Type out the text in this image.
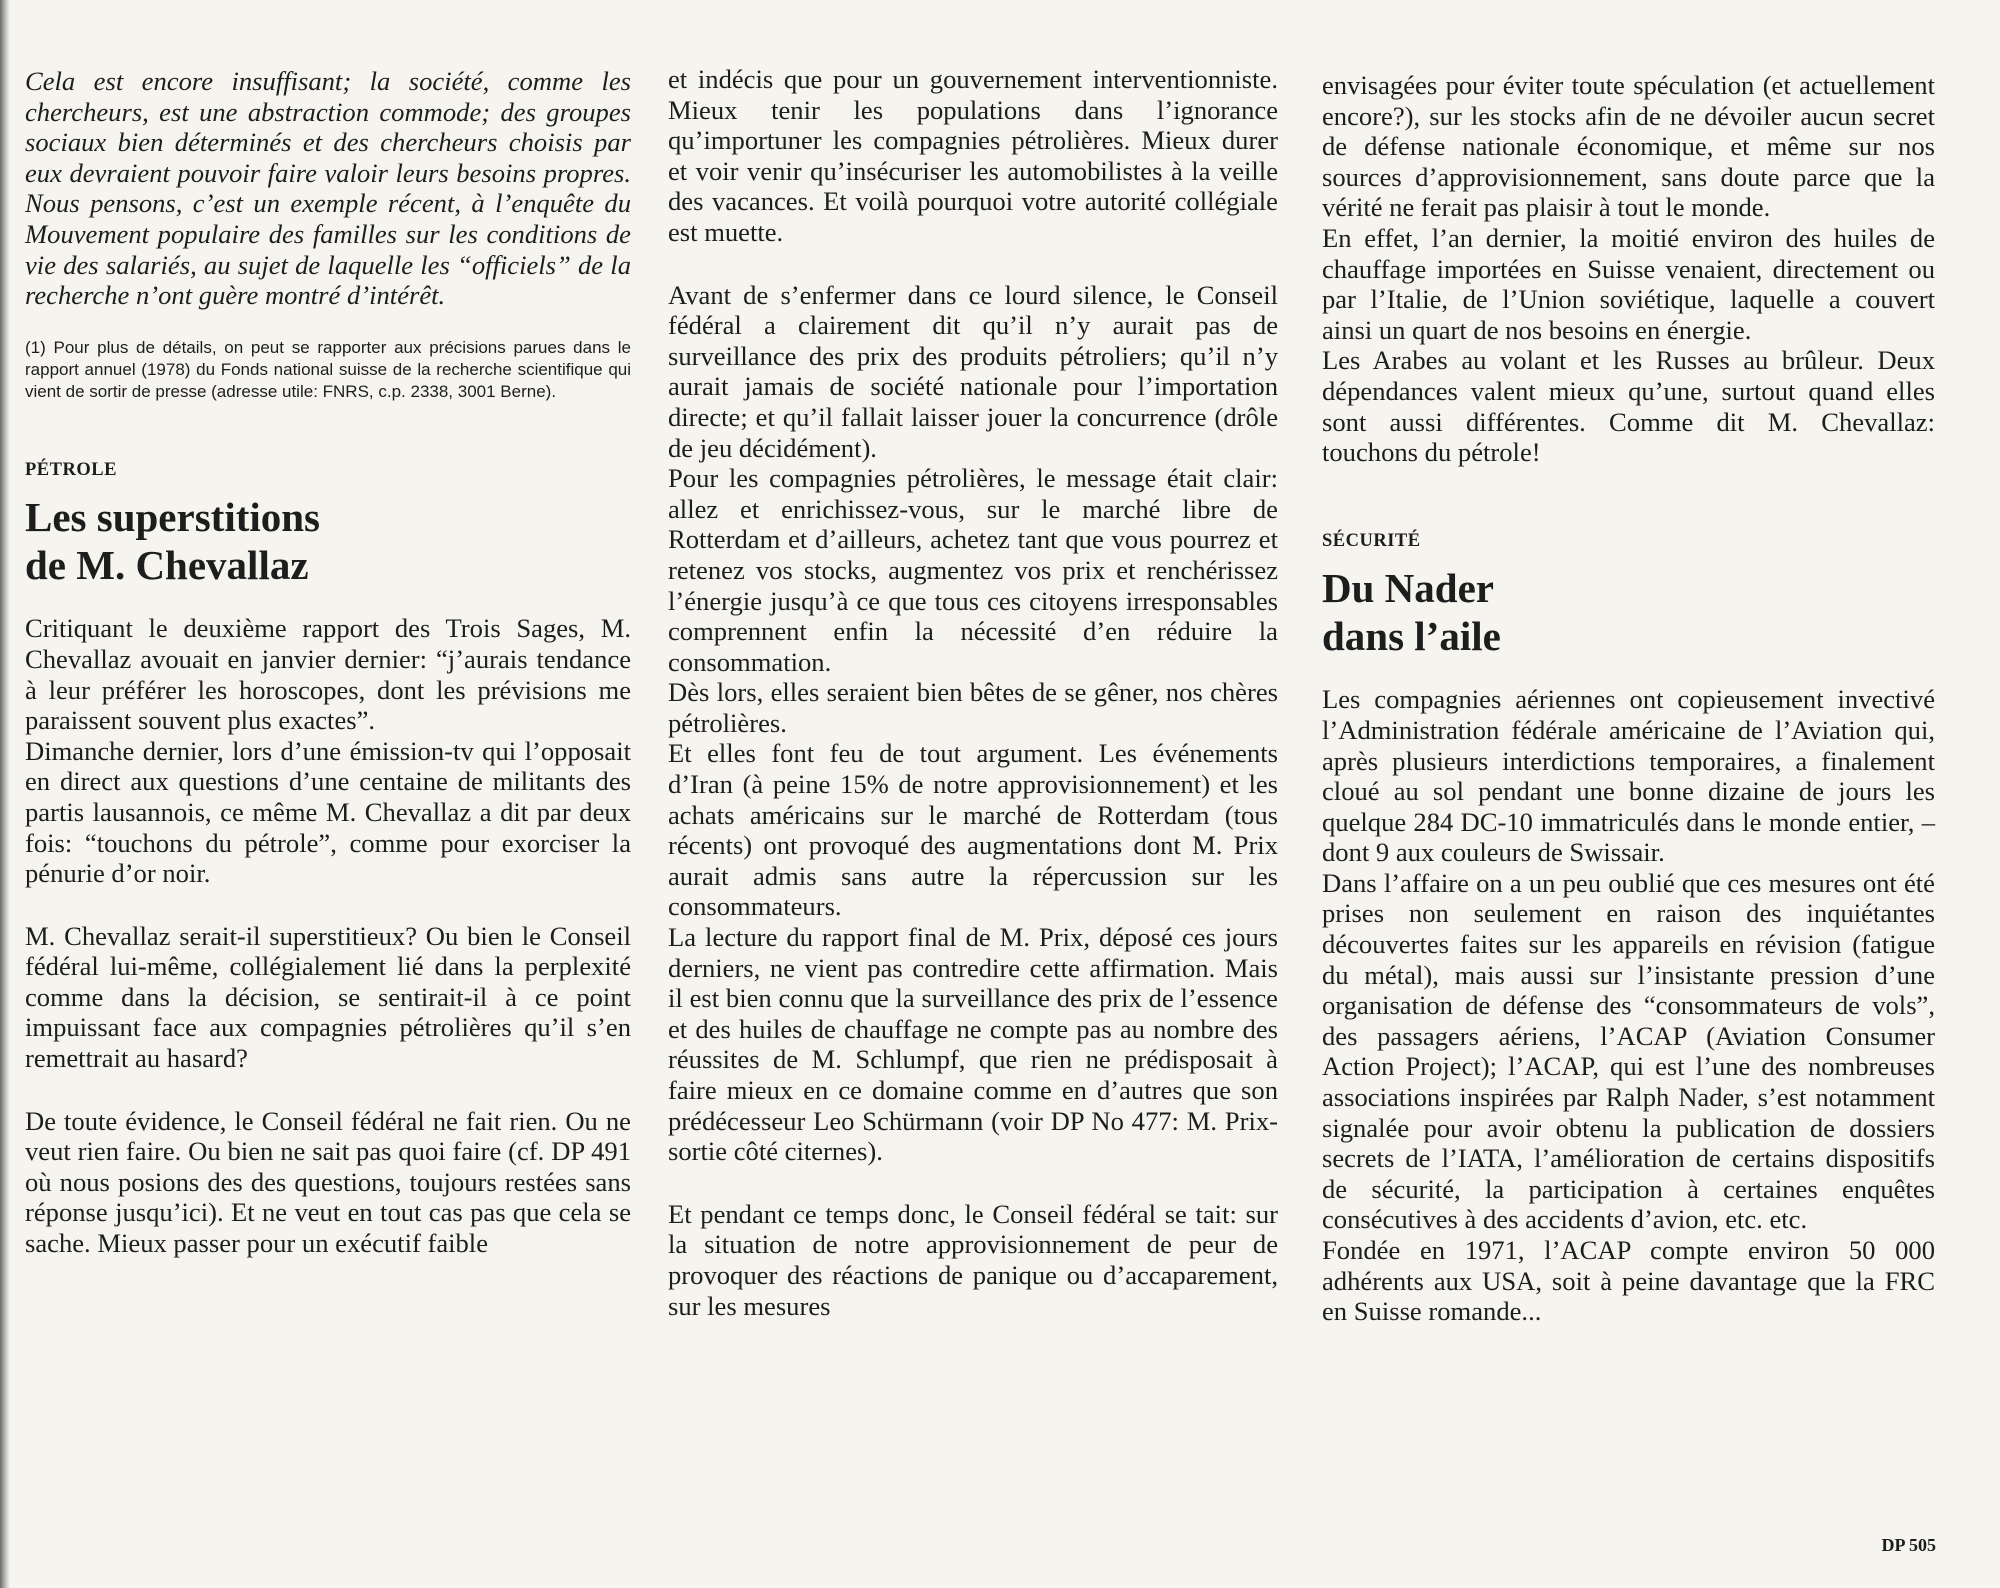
Cela est encore insuffisant; la société, comme les chercheurs, est une abstraction commode; des groupes sociaux bien déterminés et des chercheurs choisis par eux devraient pouvoir faire valoir leurs besoins propres. Nous pensons, c’est un exemple récent, à l’enquête du Mouvement populaire des familles sur les conditions de vie des salariés, au sujet de laquelle les “officiels” de la recherche n’ont guère montré d’intérêt.

(1) Pour plus de détails, on peut se rapporter aux précisions parues dans le rapport annuel (1978) du Fonds national suisse de la recherche scientifique qui vient de sortir de presse (adresse utile: FNRS, c.p. 2338, 3001 Berne).

PÉTROLE

Les superstitions
de M. Chevallaz

Critiquant le deuxième rapport des Trois Sages, M. Chevallaz avouait en janvier dernier: “j’aurais tendance à leur préférer les horoscopes, dont les prévisions me paraissent souvent plus exactes”.

Dimanche dernier, lors d’une émission-tv qui l’opposait en direct aux questions d’une centaine de militants des partis lausannois, ce même M. Chevallaz a dit par deux fois: “touchons du pétrole”, comme pour exorciser la pénurie d’or noir.

M. Chevallaz serait-il superstitieux? Ou bien le Conseil fédéral lui-même, collégialement lié dans la perplexité comme dans la décision, se sentirait-il à ce point impuissant face aux compagnies pétrolières qu’il s’en remettrait au hasard?

De toute évidence, le Conseil fédéral ne fait rien. Ou ne veut rien faire. Ou bien ne sait pas quoi faire (cf. DP 491 où nous posions des des questions, toujours restées sans réponse jusqu’ici). Et ne veut en tout cas pas que cela se sache. Mieux passer pour un exécutif faible

et indécis que pour un gouvernement interventionniste. Mieux tenir les populations dans l’ignorance qu’importuner les compagnies pétrolières. Mieux durer et voir venir qu’insécuriser les automobilistes à la veille des vacances. Et voilà pourquoi votre autorité collégiale est muette.

Avant de s’enfermer dans ce lourd silence, le Conseil fédéral a clairement dit qu’il n’y aurait pas de surveillance des prix des produits pétroliers; qu’il n’y aurait jamais de société nationale pour l’importation directe; et qu’il fallait laisser jouer la concurrence (drôle de jeu décidément).

Pour les compagnies pétrolières, le message était clair: allez et enrichissez-vous, sur le marché libre de Rotterdam et d’ailleurs, achetez tant que vous pourrez et retenez vos stocks, augmentez vos prix et renchérissez l’énergie jusqu’à ce que tous ces citoyens irresponsables comprennent enfin la nécessité d’en réduire la consommation.

Dès lors, elles seraient bien bêtes de se gêner, nos chères pétrolières.

Et elles font feu de tout argument. Les événements d’Iran (à peine 15% de notre approvisionnement) et les achats américains sur le marché de Rotterdam (tous récents) ont provoqué des augmentations dont M. Prix aurait admis sans autre la répercussion sur les consommateurs.

La lecture du rapport final de M. Prix, déposé ces jours derniers, ne vient pas contredire cette affirmation. Mais il est bien connu que la surveillance des prix de l’essence et des huiles de chauffage ne compte pas au nombre des réussites de M. Schlumpf, que rien ne prédisposait à faire mieux en ce domaine comme en d’autres que son prédécesseur Leo Schürmann (voir DP No 477: M. Prix-sortie côté citernes).

Et pendant ce temps donc, le Conseil fédéral se tait: sur la situation de notre approvisionnement de peur de provoquer des réactions de panique ou d’accaparement, sur les mesures

envisagées pour éviter toute spéculation (et actuellement encore?), sur les stocks afin de ne dévoiler aucun secret de défense nationale économique, et même sur nos sources d’approvisionnement, sans doute parce que la vérité ne ferait pas plaisir à tout le monde.

En effet, l’an dernier, la moitié environ des huiles de chauffage importées en Suisse venaient, directement ou par l’Italie, de l’Union soviétique, laquelle a couvert ainsi un quart de nos besoins en énergie.

Les Arabes au volant et les Russes au brûleur. Deux dépendances valent mieux qu’une, surtout quand elles sont aussi différentes. Comme dit M. Chevallaz: touchons du pétrole!

SÉCURITÉ

Du Nader
dans l’aile

Les compagnies aériennes ont copieusement invectivé l’Administration fédérale américaine de l’Aviation qui, après plusieurs interdictions temporaires, a finalement cloué au sol pendant une bonne dizaine de jours les quelque 284 DC-10 immatriculés dans le monde entier, – dont 9 aux couleurs de Swissair.

Dans l’affaire on a un peu oublié que ces mesures ont été prises non seulement en raison des inquiétantes découvertes faites sur les appareils en révision (fatigue du métal), mais aussi sur l’insistante pression d’une organisation de défense des “consommateurs de vols”, des passagers aériens, l’ACAP (Aviation Consumer Action Project); l’ACAP, qui est l’une des nombreuses associations inspirées par Ralph Nader, s’est notamment signalée pour avoir obtenu la publication de dossiers secrets de l’IATA, l’amélioration de certains dispositifs de sécurité, la participation à certaines enquêtes consécutives à des accidents d’avion, etc. etc.

Fondée en 1971, l’ACAP compte environ 50 000 adhérents aux USA, soit à peine davantage que la FRC en Suisse romande...

DP 505
